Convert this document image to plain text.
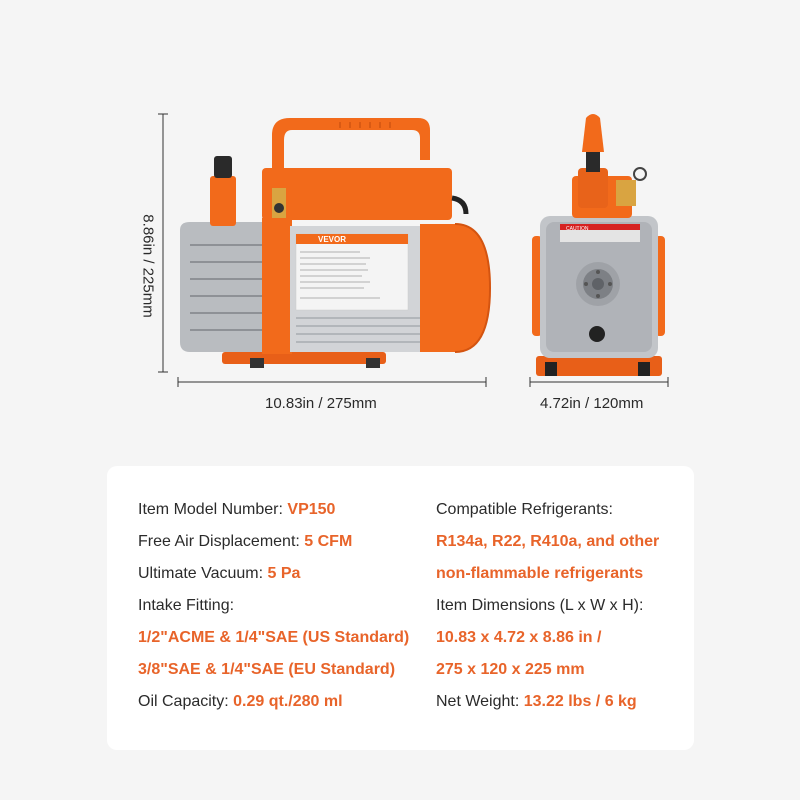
VEVOR
CAUTION
8.86in / 225mm
10.83in / 275mm	4.72in / 120mm
Item Model Number: VP150
Free Air Displacement: 5 CFM
Ultimate Vacuum: 5 Pa
Intake Fitting:
1/2"ACME & 1/4"SAE (US Standard)
3/8"SAE & 1/4"SAE (EU Standard)
Oil Capacity: 0.29 qt./280 ml
Compatible Refrigerants:
R134a, R22, R410a, and other
non-flammable refrigerants
Item Dimensions (L x W x H):
10.83 x 4.72 x 8.86 in /
275 x 120 x 225 mm
Net Weight: 13.22 lbs / 6 kg
